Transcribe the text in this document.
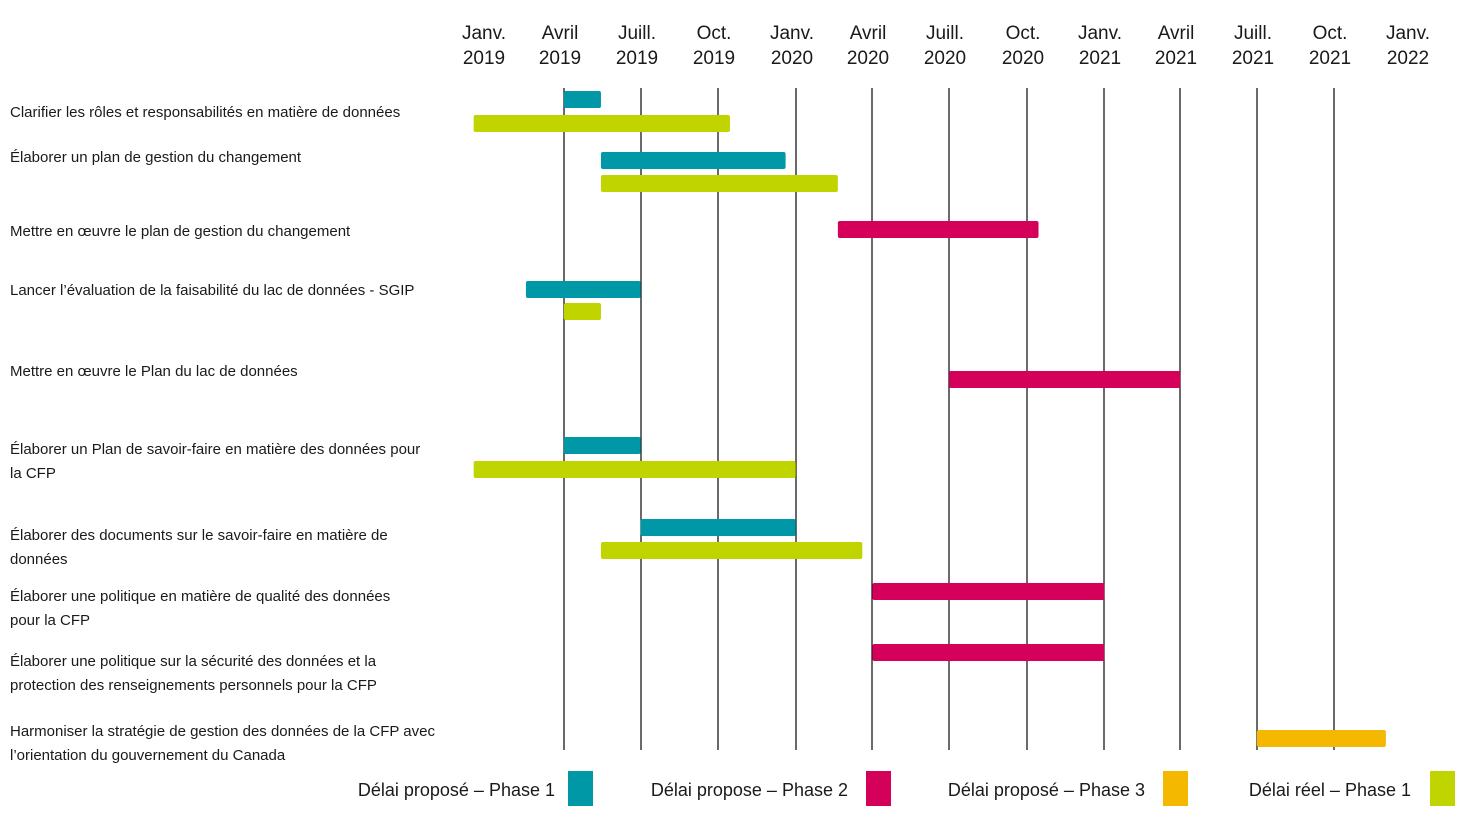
Janv.
2019
Avril
2019
Juill.
2019
Oct.
2019
Janv.
2020
Avril
2020
Juill.
2020
Oct.
2020
Janv.
2021
Avril
2021
Juill.
2021
Oct.
2021
Janv.
2022
Clarifier les rôles et responsabilités en matière de données
Élaborer un plan de gestion du changement
Mettre en œuvre le plan de gestion du changement
Lancer l’évaluation de la faisabilité du lac de données - SGIP
Mettre en œuvre le Plan du lac de données
Élaborer un Plan de savoir-faire en matière des données pour
la CFP
Élaborer des documents sur le savoir-faire en matière de
données
Élaborer une politique en matière de qualité des données
pour la CFP
Élaborer une politique sur la sécurité des données et la
protection des renseignements personnels pour la CFP
Harmoniser la stratégie de gestion des données de la CFP avec
l’orientation du gouvernement du Canada
Délai proposé – Phase 1	Délai propose – Phase 2	Délai proposé – Phase 3	Délai réel – Phase 1
